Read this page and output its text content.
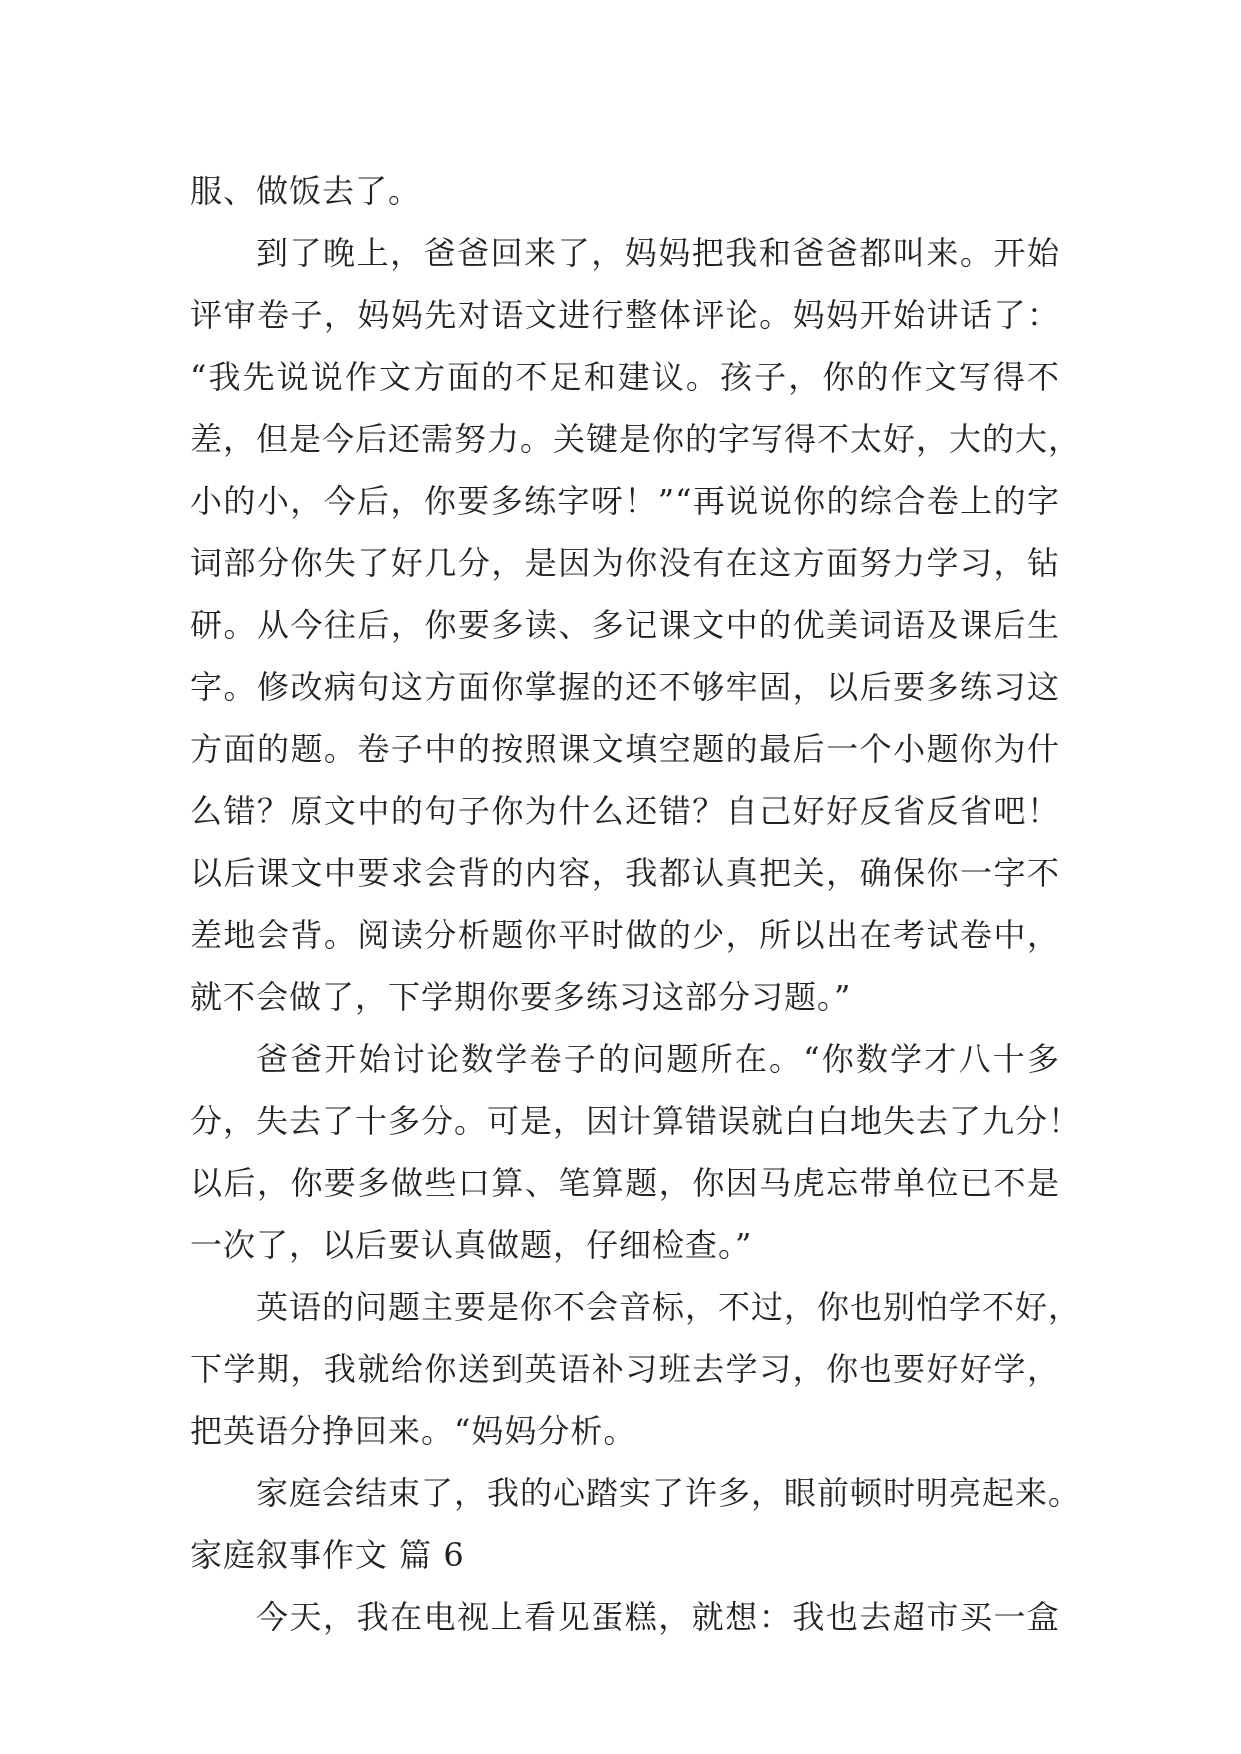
服、做饭去了。
到了晚上，爸爸回来了，妈妈把我和爸爸都叫来。开始
评审卷子，妈妈先对语文进行整体评论。妈妈开始讲话了：
“我先说说作文方面的不足和建议。孩子，你的作文写得不
差，但是今后还需努力。关键是你的字写得不太好，大的大，
小的小，今后，你要多练字呀！”“再说说你的综合卷上的字
词部分你失了好几分，是因为你没有在这方面努力学习，钻
研。从今往后，你要多读、多记课文中的优美词语及课后生
字。修改病句这方面你掌握的还不够牢固，以后要多练习这
方面的题。卷子中的按照课文填空题的最后一个小题你为什
么错？原文中的句子你为什么还错？自己好好反省反省吧！
以后课文中要求会背的内容，我都认真把关，确保你一字不
差地会背。阅读分析题你平时做的少，所以出在考试卷中，
就不会做了，下学期你要多练习这部分习题。”
爸爸开始讨论数学卷子的问题所在。“你数学才八十多
分，失去了十多分。可是，因计算错误就白白地失去了九分！
以后，你要多做些口算、笔算题，你因马虎忘带单位已不是
一次了，以后要认真做题，仔细检查。”
英语的问题主要是你不会音标，不过，你也别怕学不好，
下学期，我就给你送到英语补习班去学习，你也要好好学，
把英语分挣回来。“妈妈分析。
家庭会结束了，我的心踏实了许多，眼前顿时明亮起来。
家庭叙事作文 篇 6
今天，我在电视上看见蛋糕，就想：我也去超市买一盒
